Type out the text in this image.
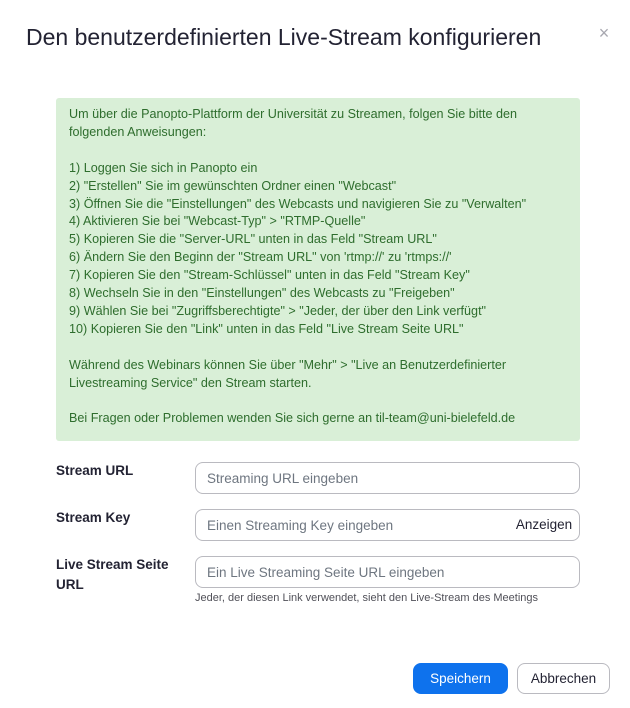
Den benutzerdefinierten Live-Stream konfigurieren	×
Um über die Panopto-Plattform der Universität zu Streamen, folgen Sie bitte den
folgenden Anweisungen:
1) Loggen Sie sich in Panopto ein
2) "Erstellen" Sie im gewünschten Ordner einen "Webcast"
3) Öffnen Sie die "Einstellungen" des Webcasts und navigieren Sie zu "Verwalten"
4) Aktivieren Sie bei "Webcast-Typ" > "RTMP-Quelle"
5) Kopieren Sie die "Server-URL" unten in das Feld "Stream URL"
6) Ändern Sie den Beginn der "Stream URL" von 'rtmp://' zu 'rtmps://'
7) Kopieren Sie den "Stream-Schlüssel" unten in das Feld "Stream Key"
8) Wechseln Sie in den "Einstellungen" des Webcasts zu "Freigeben"
9) Wählen Sie bei "Zugriffsberechtigte" > "Jeder, der über den Link verfügt"
10) Kopieren Sie den "Link" unten in das Feld "Live Stream Seite URL"
Während des Webinars können Sie über "Mehr" > "Live an Benutzerdefinierter
Livestreaming Service" den Stream starten.
Bei Fragen oder Problemen wenden Sie sich gerne an til-team@uni-bielefeld.de
Stream URL
Streaming URL eingeben
Stream Key
Einen Streaming Key eingeben	Anzeigen
Live Stream Seite
URL
Ein Live Streaming Seite URL eingeben
Jeder, der diesen Link verwendet, sieht den Live-Stream des Meetings
Speichern	Abbrechen
